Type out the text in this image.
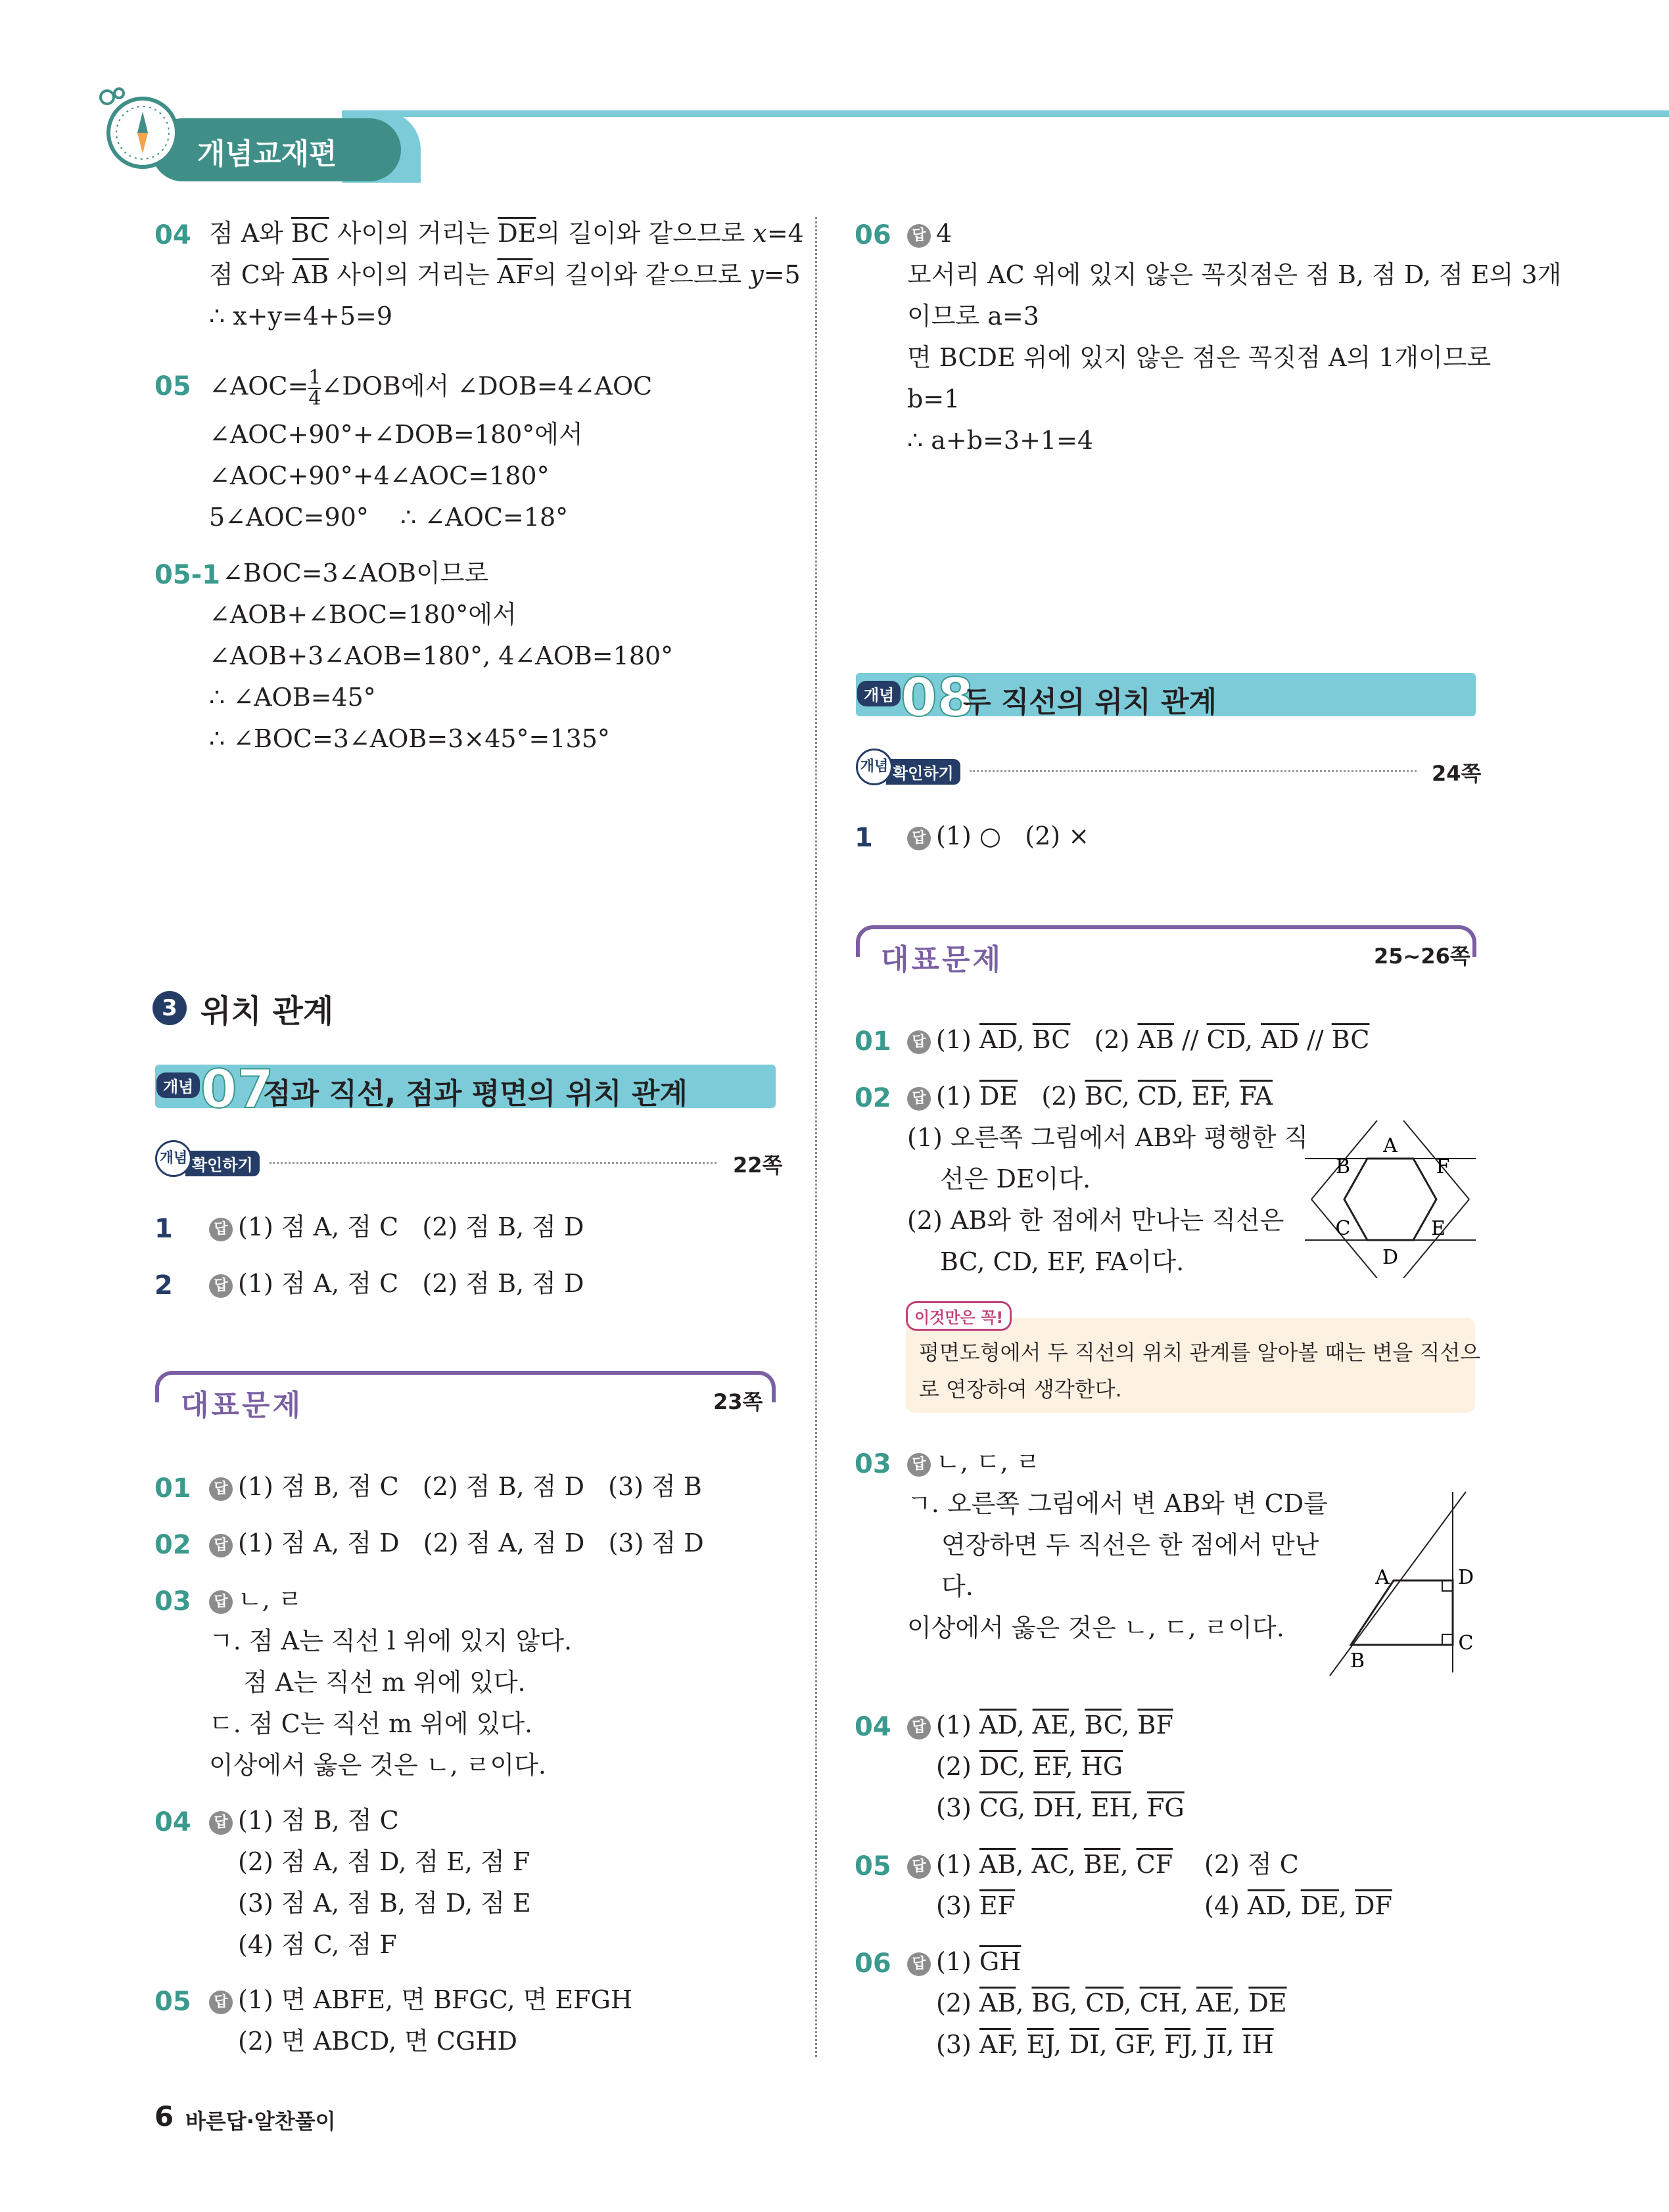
개념교재편
04 점 A와 $\overline{BC}$ 사이의 거리는 $\overline{DE}$의 길이와 같으므로 x=4
점 C와 $\overline{AB}$ 사이의 거리는 $\overline{AF}$의 길이와 같으므로 y=5
∴ x+y=4+5=9
05 ∠AOC= $\frac{1}{4}$ ∠DOB에서 ∠DOB=4∠AOC
∠AOC+90°+∠DOB=180°에서
∠AOC+90°+4∠AOC=180°
5∠AOC=90°    ∴ ∠AOC=18°
05-1 ∠BOC=3∠AOB이므로
∠AOB+∠BOC=180°에서
∠AOB+3∠AOB=180°, 4∠AOB=180°
∴ ∠AOB=45°
∴ ∠BOC=3∠AOB=3×45°=135°
3 위치 관계
개념 07
점과 직선, 점과 평면의 위치 관계
확인하기
개념	22쪽
1	답 (1) 점 A, 점 C   (2) 점 B, 점 D
2	답 (1) 점 A, 점 C   (2) 점 B, 점 D
대표문제	23쪽
01	답 (1) 점 B, 점 C   (2) 점 B, 점 D   (3) 점 B
02	답 (1) 점 A, 점 D   (2) 점 A, 점 D   (3) 점 D
03	답 ㄴ, ㄹ
ㄱ. 점 A는 직선 l 위에 있지 않다.
점 A는 직선 m 위에 있다.
ㄷ. 점 C는 직선 m 위에 있다.
이상에서 옳은 것은 ㄴ, ㄹ이다.
04	답 (1) 점 B, 점 C
(2) 점 A, 점 D, 점 E, 점 F
(3) 점 A, 점 B, 점 D, 점 E
(4) 점 C, 점 F
05	답 (1) 면 ABFE, 면 BFGC, 면 EFGH
(2) 면 ABCD, 면 CGHD
6 바른답·알찬풀이
06	답 4
모서리 AC 위에 있지 않은 꼭짓점은 점 B, 점 D, 점 E의 3개
이므로 a=3
면 BCDE 위에 있지 않은 점은 꼭짓점 A의 1개이므로
b=1
∴ a+b=3+1=4
개념 08
두 직선의 위치 관계
확인하기
개념	24쪽
1	답 (1) ○   (2) ×
대표문제	25~26쪽
01	답 (1) $\overline{AD}$, $\overline{BC}$   (2) $\overline{AB} // \overline{CD}$, $\overline{AD} // \overline{BC}$
02	답 (1) $\overline{DE}$   (2) $\overline{BC}$, $\overline{CD}$, $\overline{EF}$, $\overline{FA}$
(1) 오른쪽 그림에서 AB와 평행한 직
선은 DE이다.
(2) AB와 한 점에서 만나는 직선은
BC, CD, EF, FA이다.
A
F
E
D
C
B
이것만은 꼭!
평면도형에서 두 직선의 위치 관계를 알아볼 때는 변을 직선으
로 연장하여 생각한다.
03	답 ㄴ, ㄷ, ㄹ
ㄱ. 오른쪽 그림에서 변 AB와 변 CD를
연장하면 두 직선은 한 점에서 만난
다.
이상에서 옳은 것은 ㄴ, ㄷ, ㄹ이다.
A	D
C
B
04	답 (1) $\overline{AD}$, $\overline{AE}$, $\overline{BC}$, $\overline{BF}$
(2) $\overline{DC}$, $\overline{EF}$, $\overline{HG}$
(3) $\overline{CG}$, $\overline{DH}$, $\overline{EH}$, $\overline{FG}$
05	답 (1) $\overline{AB}$, $\overline{AC}$, $\overline{BE}$, $\overline{CF}$ (2) 점 C
(3) $\overline{EF}$	(4) $\overline{AD}$, $\overline{DE}$, $\overline{DF}$
06	답 (1) $\overline{GH}$
(2) $\overline{AB}$, $\overline{BG}$, $\overline{CD}$, $\overline{CH}$, $\overline{AE}$, $\overline{DE}$
(3) $\overline{AF}$, $\overline{EJ}$, $\overline{DI}$, $\overline{GF}$, $\overline{FJ}$, $\overline{JI}$, $\overline{IH}$
